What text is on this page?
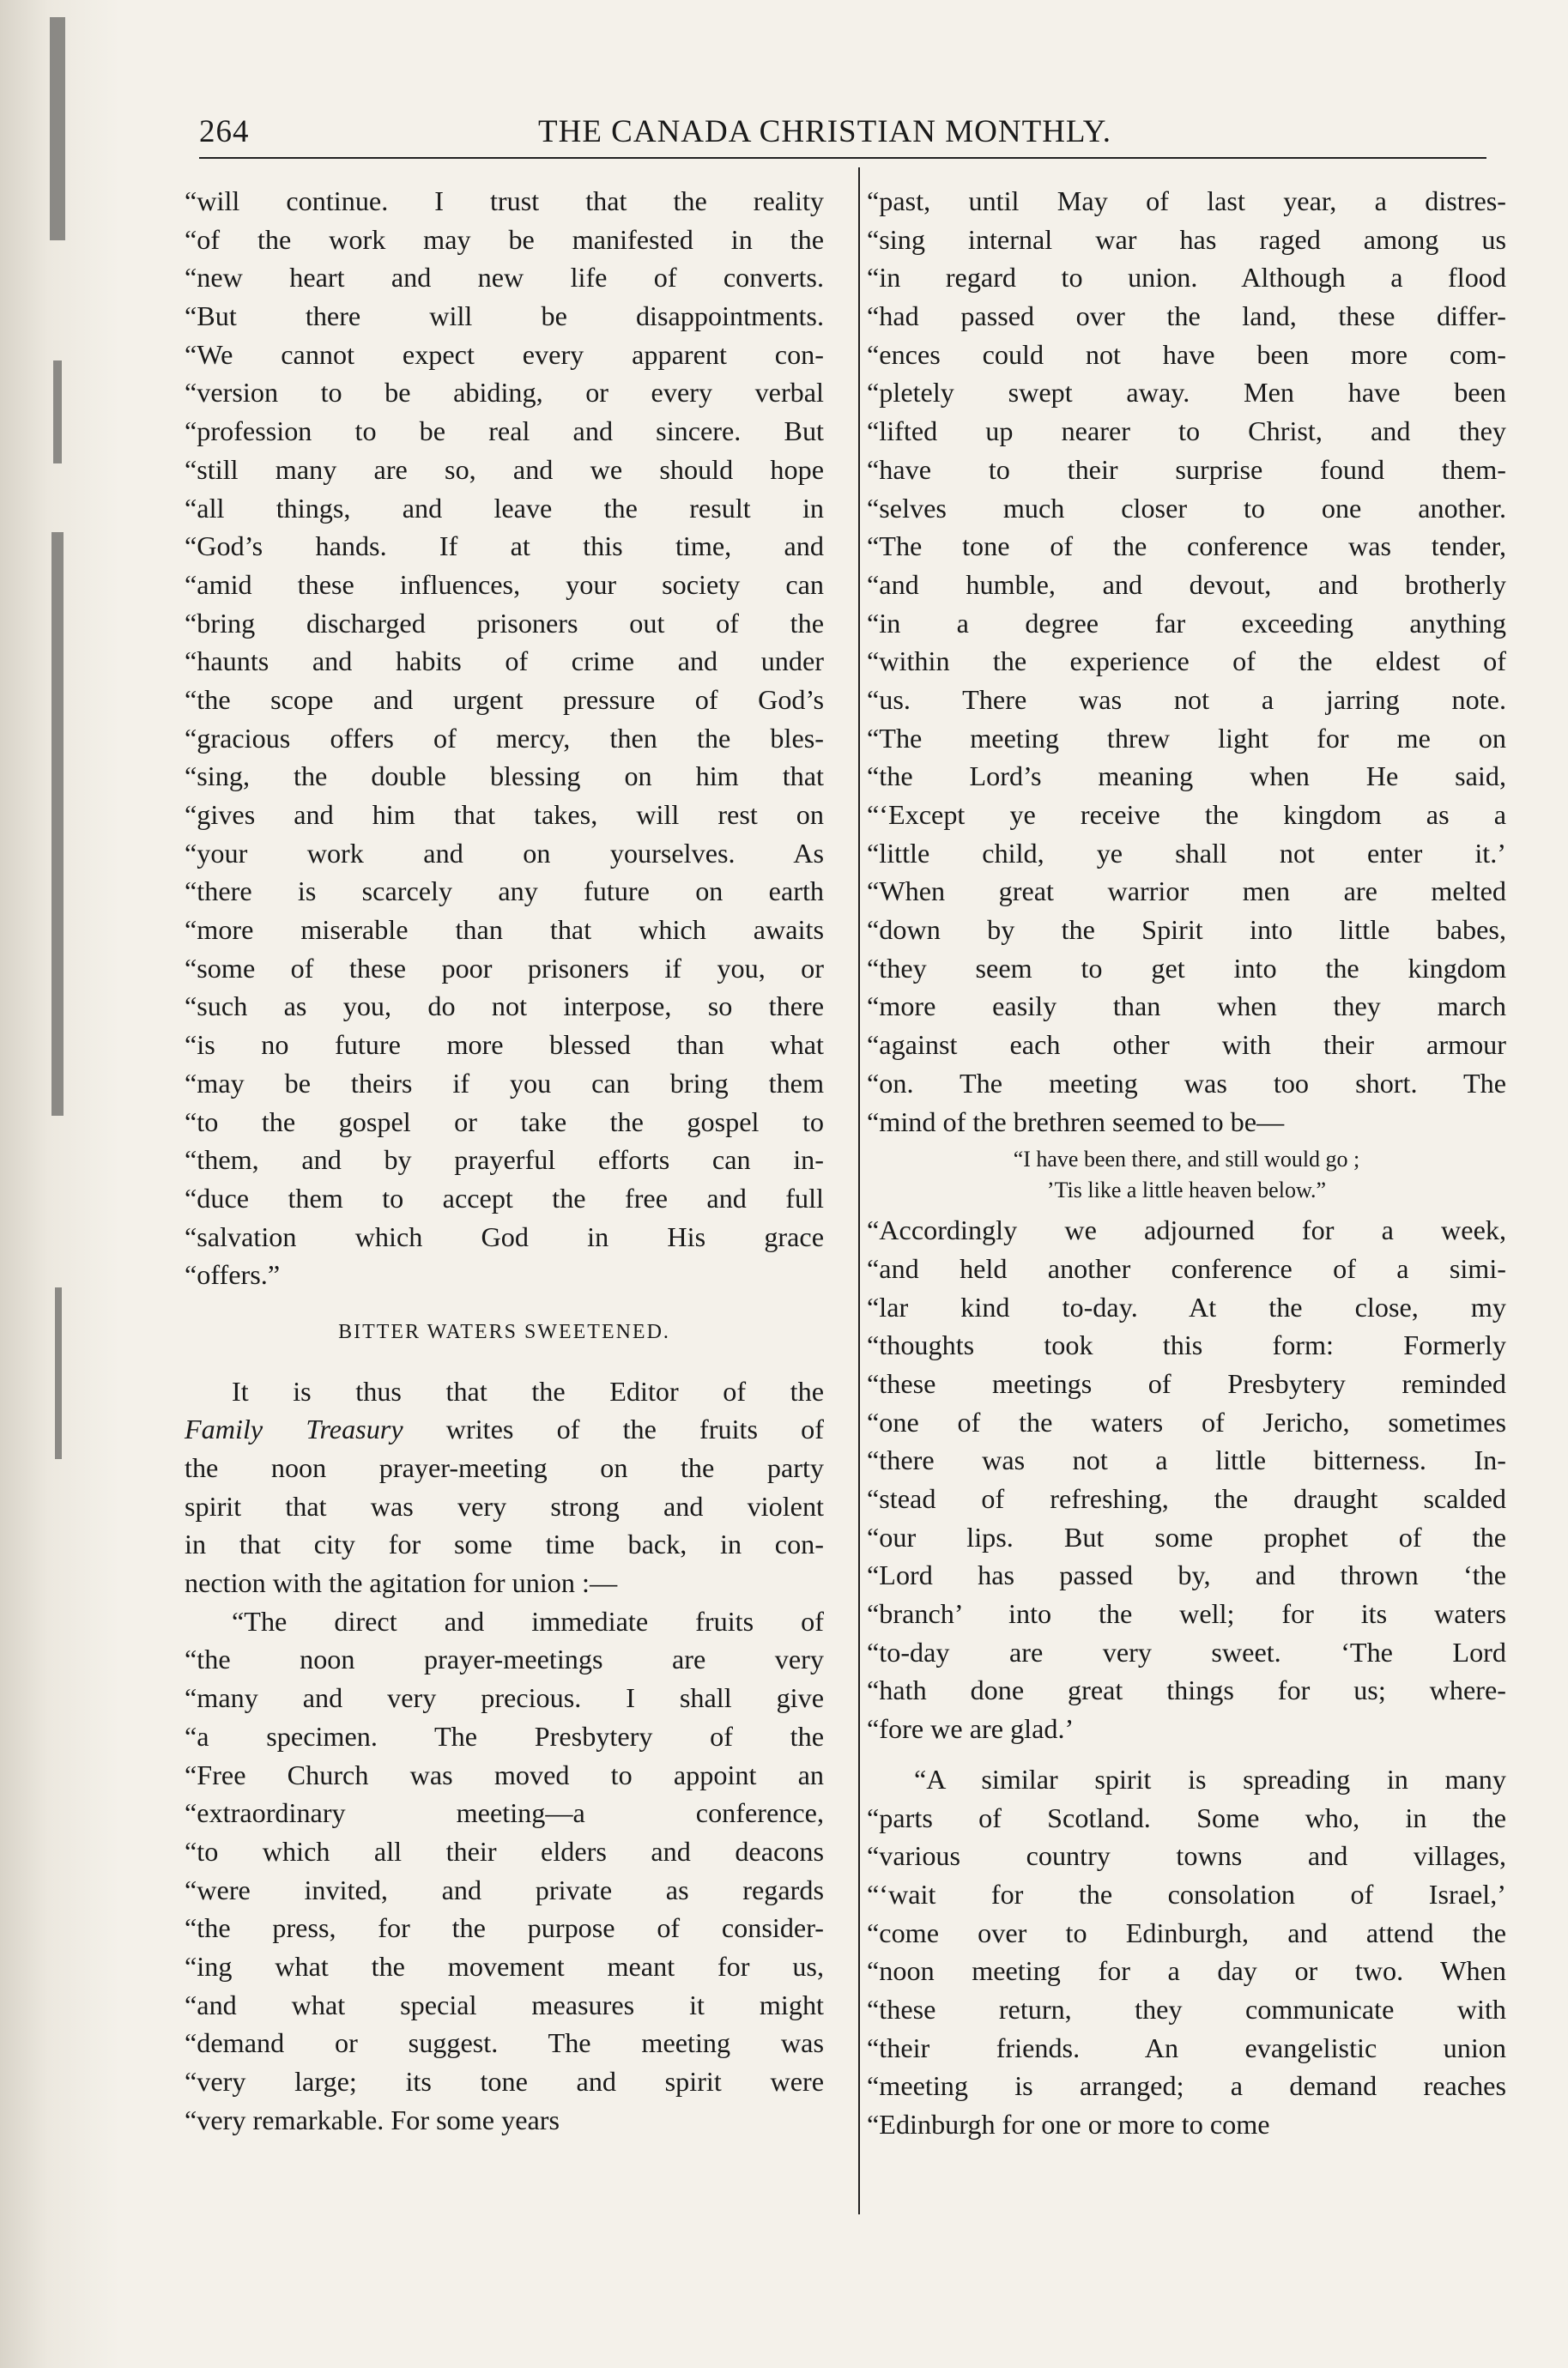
264	THE CANADA CHRISTIAN MONTHLY.
“will continue. I trust that the reality
“of the work may be manifested in the
“new heart and new life of converts.
“But there will be disappointments.
“We cannot expect every apparent con-
“version to be abiding, or every verbal
“profession to be real and sincere. But
“still many are so, and we should hope
“all things, and leave the result in
“God’s hands. If at this time, and
“amid these influences, your society can
“bring discharged prisoners out of the
“haunts and habits of crime and under
“the scope and urgent pressure of God’s
“gracious offers of mercy, then the bles-
“sing, the double blessing on him that
“gives and him that takes, will rest on
“your work and on yourselves. As
“there is scarcely any future on earth
“more miserable than that which awaits
“some of these poor prisoners if you, or
“such as you, do not interpose, so there
“is no future more blessed than what
“may be theirs if you can bring them
“to the gospel or take the gospel to
“them, and by prayerful efforts can in-
“duce them to accept the free and full
“salvation which God in His grace
“offers.”
BITTER WATERS SWEETENED.
It is thus that the Editor of the
Family Treasury writes of the fruits of
the noon prayer-meeting on the party
spirit that was very strong and violent
in that city for some time back, in con-
nection with the agitation for union :—
“The direct and immediate fruits of
“the noon prayer-meetings are very
“many and very precious. I shall give
“a specimen. The Presbytery of the
“Free Church was moved to appoint an
“extraordinary meeting—a conference,
“to which all their elders and deacons
“were invited, and private as regards
“the press, for the purpose of consider-
“ing what the movement meant for us,
“and what special measures it might
“demand or suggest. The meeting was
“very large; its tone and spirit were
“very remarkable. For some years
“past, until May of last year, a distres-
“sing internal war has raged among us
“in regard to union. Although a flood
“had passed over the land, these differ-
“ences could not have been more com-
“pletely swept away. Men have been
“lifted up nearer to Christ, and they
“have to their surprise found them-
“selves much closer to one another.
“The tone of the conference was tender,
“and humble, and devout, and brotherly
“in a degree far exceeding anything
“within the experience of the eldest of
“us. There was not a jarring note.
“The meeting threw light for me on
“the Lord’s meaning when He said,
“‘Except ye receive the kingdom as a
“little child, ye shall not enter it.’
“When great warrior men are melted
“down by the Spirit into little babes,
“they seem to get into the kingdom
“more easily than when they march
“against each other with their armour
“on. The meeting was too short. The
“mind of the brethren seemed to be—
“I have been there, and still would go ;
’Tis like a little heaven below.”
“Accordingly we adjourned for a week,
“and held another conference of a simi-
“lar kind to-day. At the close, my
“thoughts took this form: Formerly
“these meetings of Presbytery reminded
“one of the waters of Jericho, sometimes
“there was not a little bitterness. In-
“stead of refreshing, the draught scalded
“our lips. But some prophet of the
“Lord has passed by, and thrown ‘the
“branch’ into the well; for its waters
“to-day are very sweet. ‘The Lord
“hath done great things for us; where-
“fore we are glad.’
“A similar spirit is spreading in many
“parts of Scotland. Some who, in the
“various country towns and villages,
“‘wait for the consolation of Israel,’
“come over to Edinburgh, and attend the
“noon meeting for a day or two. When
“these return, they communicate with
“their friends. An evangelistic union
“meeting is arranged; a demand reaches
“Edinburgh for one or more to come
